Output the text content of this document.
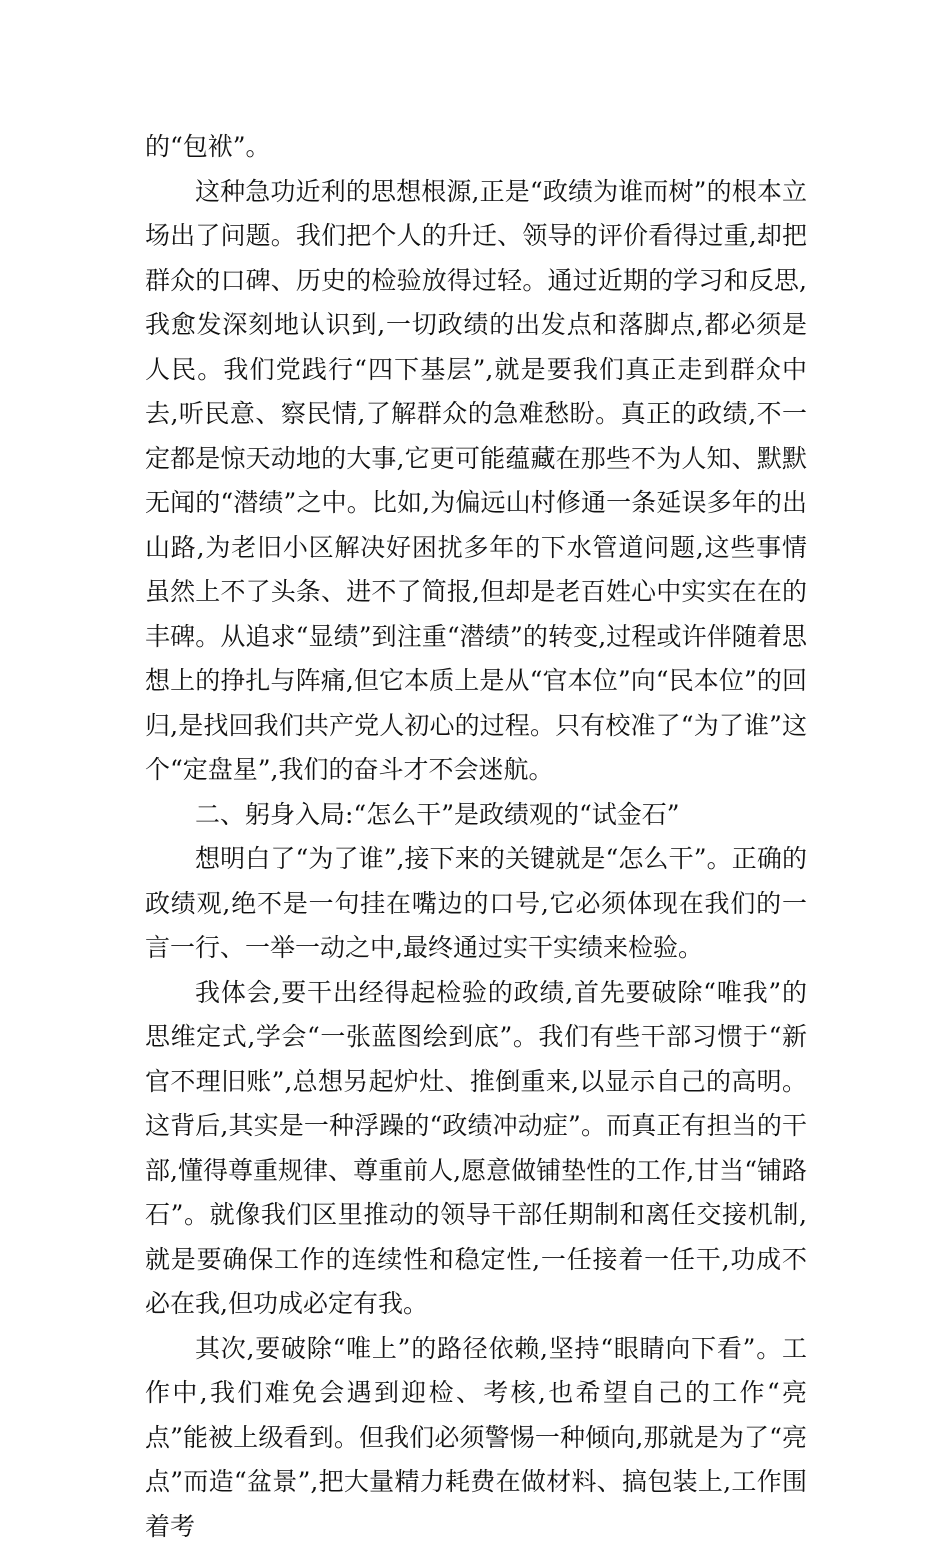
的“包袱”。

这种急功近利的思想根源,正是“政绩为谁而树”的根本立场出了问题。我们把个人的升迁、领导的评价看得过重,却把群众的口碑、历史的检验放得过轻。通过近期的学习和反思,我愈发深刻地认识到,一切政绩的出发点和落脚点,都必须是人民。我们党践行“四下基层”,就是要我们真正走到群众中去,听民意、察民情,了解群众的急难愁盼。真正的政绩,不一定都是惊天动地的大事,它更可能蕴藏在那些不为人知、默默无闻的“潜绩”之中。比如,为偏远山村修通一条延误多年的出山路,为老旧小区解决好困扰多年的下水管道问题,这些事情虽然上不了头条、进不了简报,但却是老百姓心中实实在在的丰碑。从追求“显绩”到注重“潜绩”的转变,过程或许伴随着思想上的挣扎与阵痛,但它本质上是从“官本位”向“民本位”的回归,是找回我们共产党人初心的过程。只有校准了“为了谁”这个“定盘星”,我们的奋斗才不会迷航。

二、躬身入局:“怎么干”是政绩观的“试金石”

想明白了“为了谁”,接下来的关键就是“怎么干”。正确的政绩观,绝不是一句挂在嘴边的口号,它必须体现在我们的一言一行、一举一动之中,最终通过实干实绩来检验。

我体会,要干出经得起检验的政绩,首先要破除“唯我”的思维定式,学会“一张蓝图绘到底”。我们有些干部习惯于“新官不理旧账”,总想另起炉灶、推倒重来,以显示自己的高明。这背后,其实是一种浮躁的“政绩冲动症”。而真正有担当的干部,懂得尊重规律、尊重前人,愿意做铺垫性的工作,甘当“铺路石”。就像我们区里推动的领导干部任期制和离任交接机制,就是要确保工作的连续性和稳定性,一任接着一任干,功成不必在我,但功成必定有我。

其次,要破除“唯上”的路径依赖,坚持“眼睛向下看”。工作中,我们难免会遇到迎检、考核,也希望自己的工作“亮点”能被上级看到。但我们必须警惕一种倾向,那就是为了“亮点”而造“盆景”,把大量精力耗费在做材料、搞包装上,工作围着考
